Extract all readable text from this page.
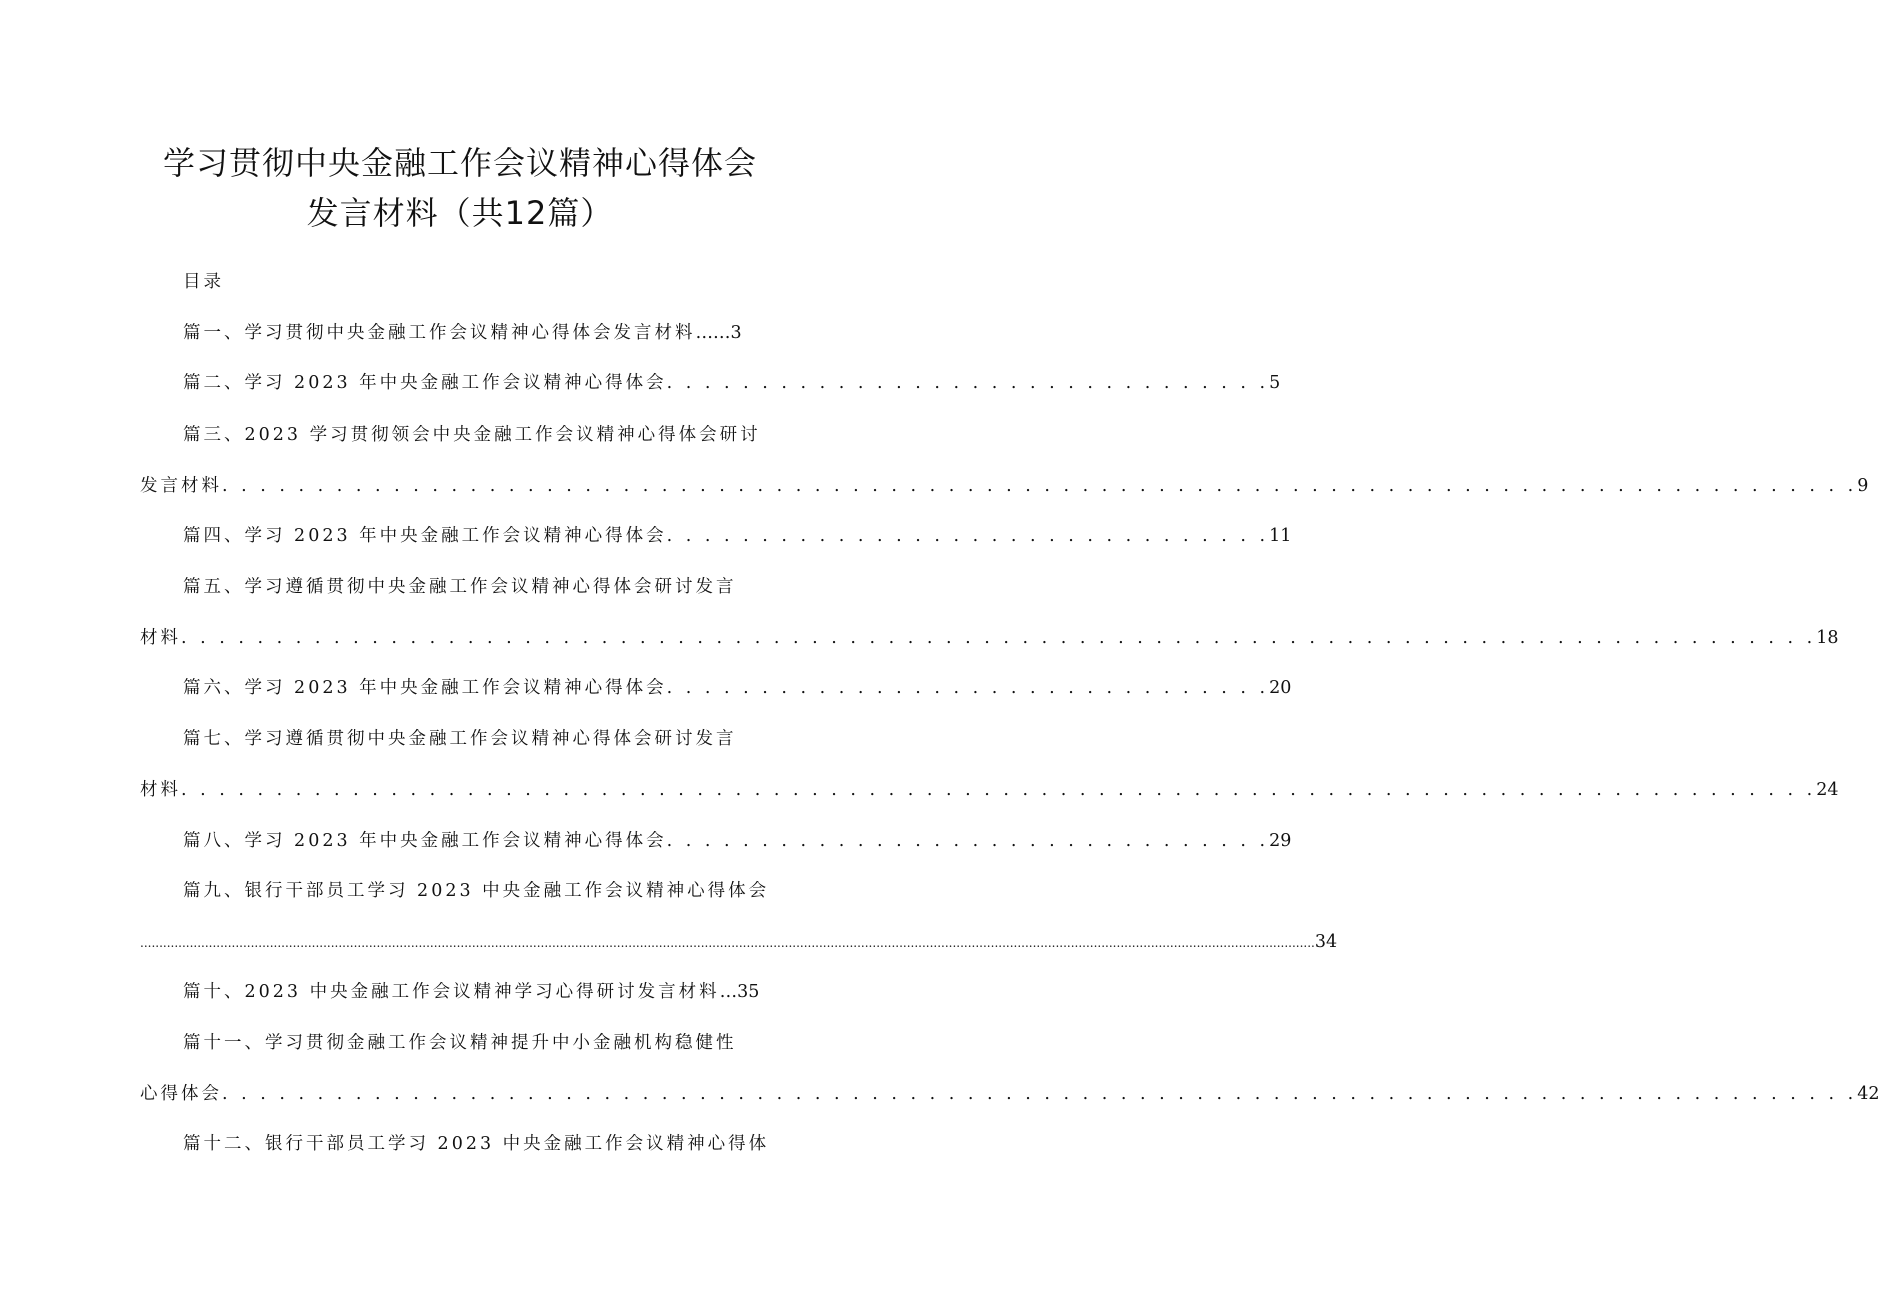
学习贯彻中央金融工作会议精神心得体会
发言材料（共12篇）
目录
篇一、学习贯彻中央金融工作会议精神心得体会发言材料 …… 3
篇二、学习 2023 年中央金融工作会议精神心得体会 . . . . . . . . . . . . . . . . . . . . . . . . . . . . . . . . 5
篇三、2023 学习贯彻领会中央金融工作会议精神心得体会研讨
发言材料 . . . . . . . . . . . . . . . . . . . . . . . . . . . . . . . . . . . . . . . . . . . . . . . . . . . . . . . . . . . . . . . . . . . . . . . . . . . . . . . . . . . . . . 9
篇四、学习 2023 年中央金融工作会议精神心得体会 . . . . . . . . . . . . . . . . . . . . . . . . . . . . . . . . 11
篇五、学习遵循贯彻中央金融工作会议精神心得体会研讨发言
材料 . . . . . . . . . . . . . . . . . . . . . . . . . . . . . . . . . . . . . . . . . . . . . . . . . . . . . . . . . . . . . . . . . . . . . . . . . . . . . . . . . . . . . . 18
篇六、学习 2023 年中央金融工作会议精神心得体会 . . . . . . . . . . . . . . . . . . . . . . . . . . . . . . . . 20
篇七、学习遵循贯彻中央金融工作会议精神心得体会研讨发言
材料 . . . . . . . . . . . . . . . . . . . . . . . . . . . . . . . . . . . . . . . . . . . . . . . . . . . . . . . . . . . . . . . . . . . . . . . . . . . . . . . . . . . . . . 24
篇八、学习 2023 年中央金融工作会议精神心得体会 . . . . . . . . . . . . . . . . . . . . . . . . . . . . . . . . 29
篇九、银行干部员工学习 2023 中央金融工作会议精神心得体会
.................................................................................................................................................................................................................................................................................................................... 34
篇十、2023 中央金融工作会议精神学习心得研讨发言材料 … 35
篇十一、学习贯彻金融工作会议精神提升中小金融机构稳健性
心得体会 . . . . . . . . . . . . . . . . . . . . . . . . . . . . . . . . . . . . . . . . . . . . . . . . . . . . . . . . . . . . . . . . . . . . . . . . . . . . . . . . . . . . . . 42
篇十二、银行干部员工学习 2023 中央金融工作会议精神心得体
